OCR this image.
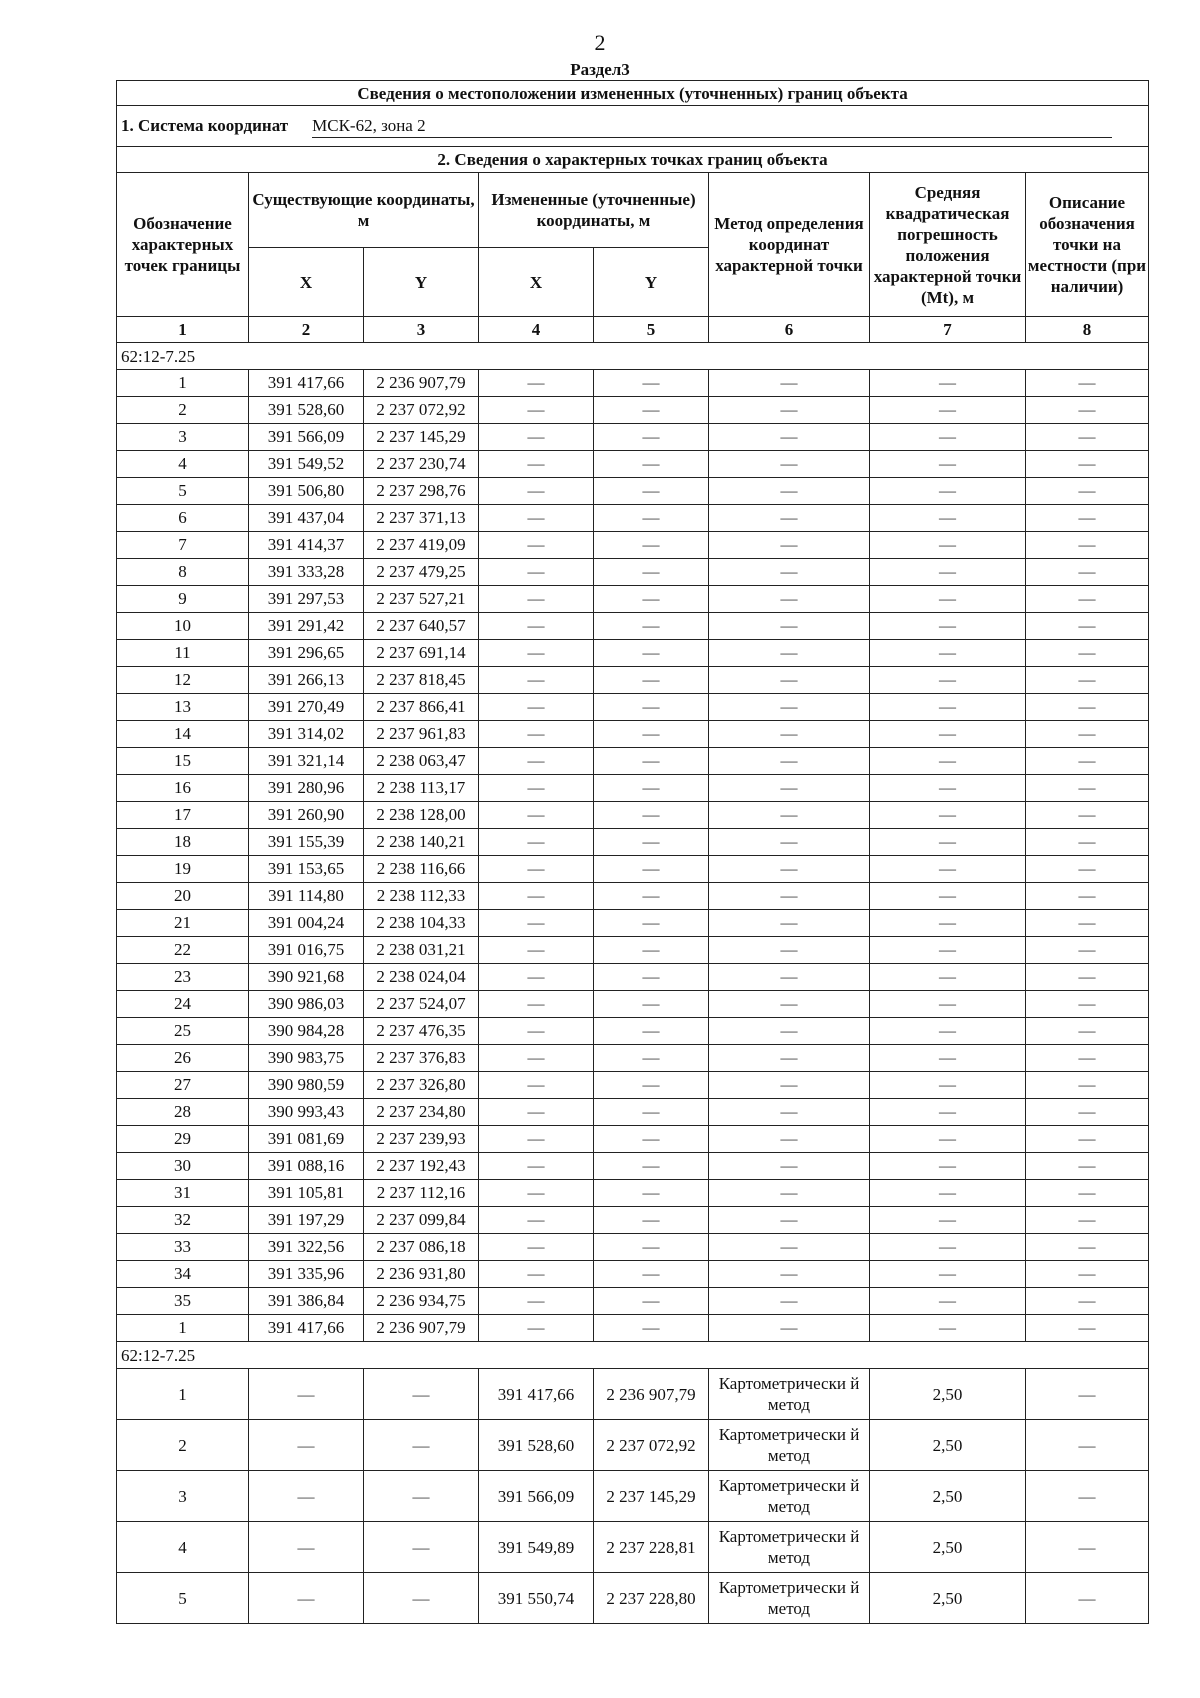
2
Раздел3
Сведения о местоположении измененных (уточненных) границ объекта							
1. Система координат МСК-62, зона 2							
2. Сведения о характерных точках границ объекта							
Обозначение характерных точек границы	Существующие координаты, м		Измененные (уточненные) координаты, м		Метод определения координат характерной точки	Средняя квадратическая погрешность положения характерной точки (Mt), м	Описание обозначения точки на местности (при наличии)
	X	Y	X	Y			
1	2	3	4	5	6	7	8
62:12-7.25							
1	391 417,66	2 236 907,79	—	—	—	—	—
2	391 528,60	2 237 072,92	—	—	—	—	—
3	391 566,09	2 237 145,29	—	—	—	—	—
4	391 549,52	2 237 230,74	—	—	—	—	—
5	391 506,80	2 237 298,76	—	—	—	—	—
6	391 437,04	2 237 371,13	—	—	—	—	—
7	391 414,37	2 237 419,09	—	—	—	—	—
8	391 333,28	2 237 479,25	—	—	—	—	—
9	391 297,53	2 237 527,21	—	—	—	—	—
10	391 291,42	2 237 640,57	—	—	—	—	—
11	391 296,65	2 237 691,14	—	—	—	—	—
12	391 266,13	2 237 818,45	—	—	—	—	—
13	391 270,49	2 237 866,41	—	—	—	—	—
14	391 314,02	2 237 961,83	—	—	—	—	—
15	391 321,14	2 238 063,47	—	—	—	—	—
16	391 280,96	2 238 113,17	—	—	—	—	—
17	391 260,90	2 238 128,00	—	—	—	—	—
18	391 155,39	2 238 140,21	—	—	—	—	—
19	391 153,65	2 238 116,66	—	—	—	—	—
20	391 114,80	2 238 112,33	—	—	—	—	—
21	391 004,24	2 238 104,33	—	—	—	—	—
22	391 016,75	2 238 031,21	—	—	—	—	—
23	390 921,68	2 238 024,04	—	—	—	—	—
24	390 986,03	2 237 524,07	—	—	—	—	—
25	390 984,28	2 237 476,35	—	—	—	—	—
26	390 983,75	2 237 376,83	—	—	—	—	—
27	390 980,59	2 237 326,80	—	—	—	—	—
28	390 993,43	2 237 234,80	—	—	—	—	—
29	391 081,69	2 237 239,93	—	—	—	—	—
30	391 088,16	2 237 192,43	—	—	—	—	—
31	391 105,81	2 237 112,16	—	—	—	—	—
32	391 197,29	2 237 099,84	—	—	—	—	—
33	391 322,56	2 237 086,18	—	—	—	—	—
34	391 335,96	2 236 931,80	—	—	—	—	—
35	391 386,84	2 236 934,75	—	—	—	—	—
1	391 417,66	2 236 907,79	—	—	—	—	—
62:12-7.25							
1	—	—	391 417,66	2 236 907,79	Картометрически й метод	2,50	—
2	—	—	391 528,60	2 237 072,92	Картометрически й метод	2,50	—
3	—	—	391 566,09	2 237 145,29	Картометрически й метод	2,50	—
4	—	—	391 549,89	2 237 228,81	Картометрически й метод	2,50	—
5	—	—	391 550,74	2 237 228,80	Картометрически й метод	2,50	—
